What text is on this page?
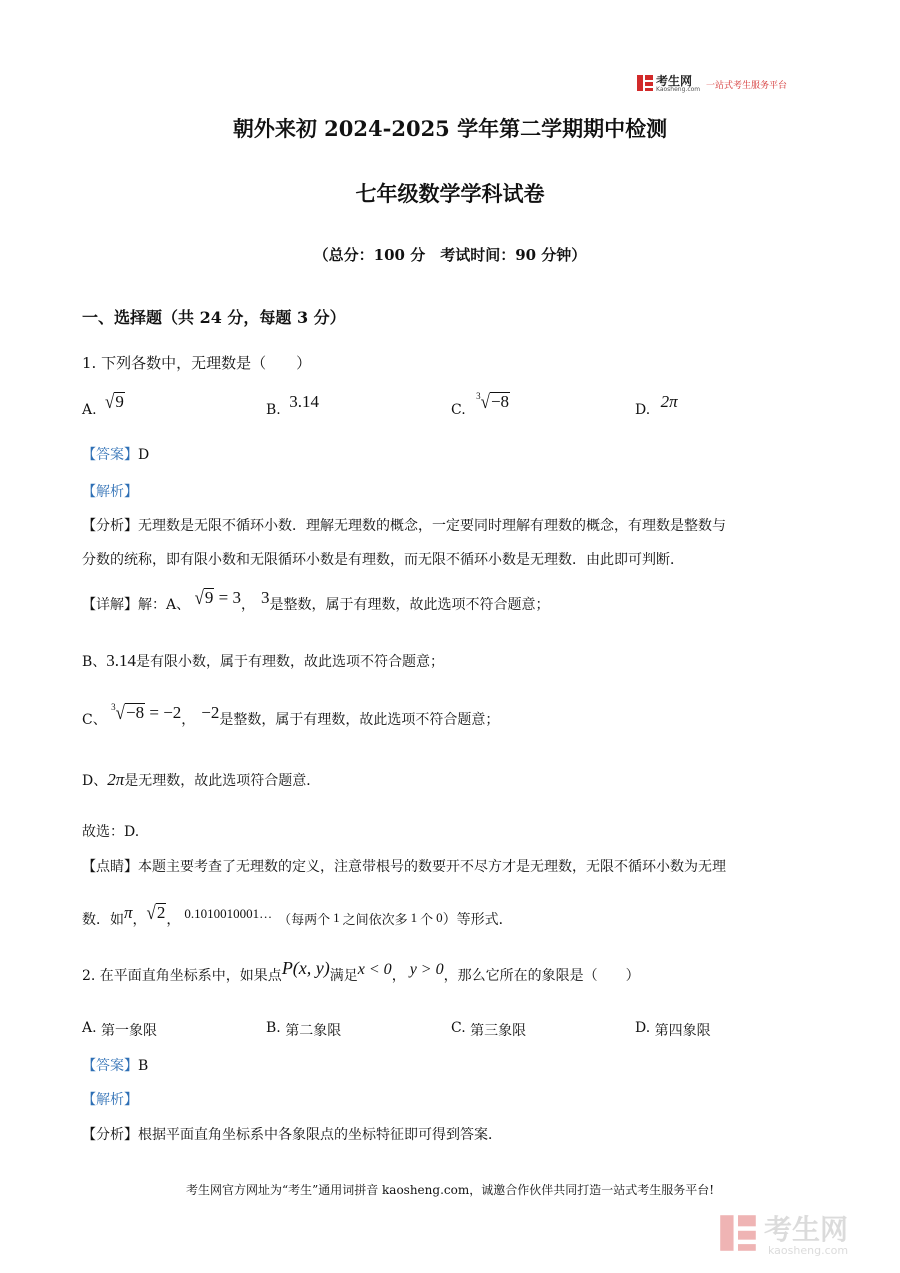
考生网
Kaosheng.com 一站式考生服务平台
朝外来初 2024-2025 学年第二学期期中检测
七年级数学学科试卷
（总分：100 分　考试时间：90 分钟）
一、选择题（共 24 分，每题 3 分）
1. 下列各数中，无理数是（　　）
A. √9	B. 3.14	C. $^3$√−8	D. 2π
【答案】D
【解析】
【分析】无理数是无限不循环小数．理解无理数的概念，一定要同时理解有理数的概念，有理数是整数与
分数的统称，即有限小数和无限循环小数是有理数，而无限不循环小数是无理数．由此即可判断．
【详解】解：A、 √9 = 3， 3是整数，属于有理数，故此选项不符合题意；
B、3.14是有限小数，属于有理数，故此选项不符合题意；
C、 $^3$√−8 = −2， −2是整数，属于有理数，故此选项不符合题意；
D、2π是无理数，故此选项符合题意．
故选：D.
【点睛】本题主要考查了无理数的定义，注意带根号的数要开不尽方才是无理数，无限不循环小数为无理
数．如π，√2， 0.1010010001… （每两个 1 之间依次多 1 个 0）等形式．
2. 在平面直角坐标系中，如果点P(x, y)满足x < 0， y > 0，那么它所在的象限是（　　）
A. 第一象限	B. 第二象限	C. 第三象限	D. 第四象限
【答案】B
【解析】
【分析】根据平面直角坐标系中各象限点的坐标特征即可得到答案．
考生网官方网址为“考生”通用词拼音 kaosheng.com，诚邀合作伙伴共同打造一站式考生服务平台!
考生网
kaosheng.com
